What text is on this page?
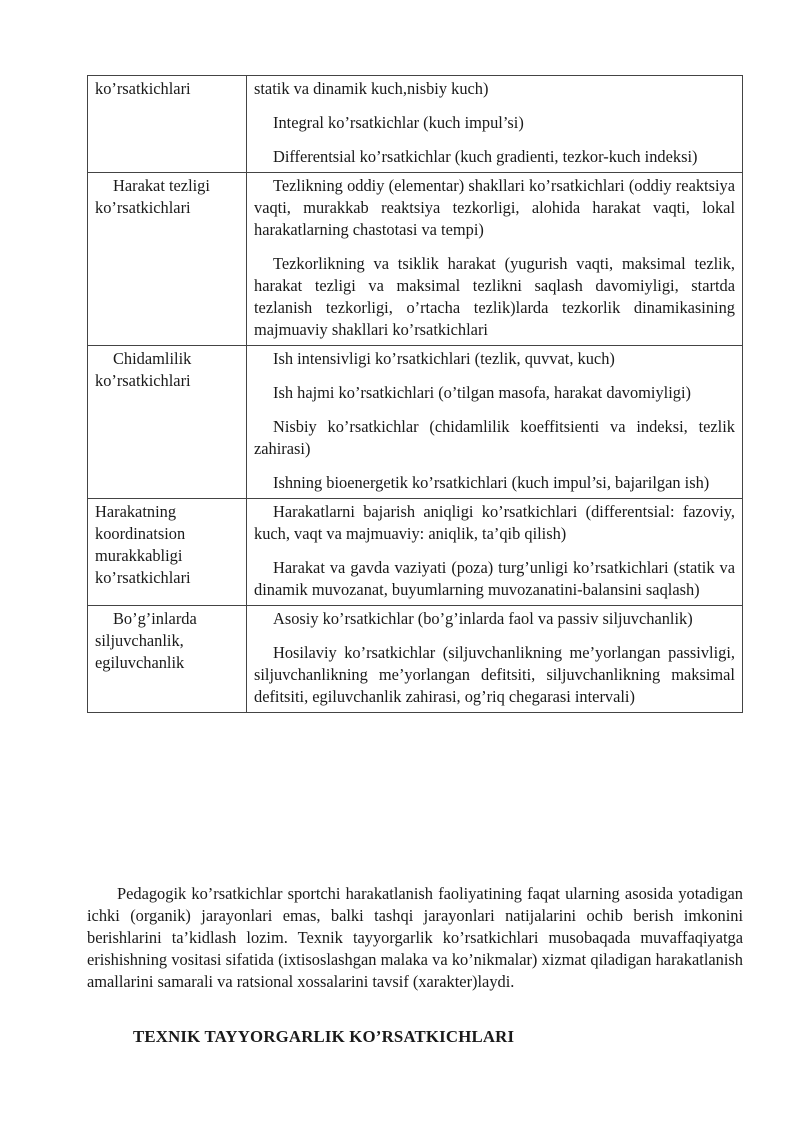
ko’rsatkichlari	statik va dinamik kuch,nisbiy kuch)

Integral ko’rsatkichlar (kuch impul’si)

Differentsial ko’rsatkichlar (kuch gradienti, tezkor-kuch indeksi)

Harakat tezligi ko’rsatkichlari	Tezlikning oddiy (elementar) shakllari ko’rsatkichlari (oddiy reaktsiya vaqti, murakkab reaktsiya tezkorligi, alohida harakat vaqti, lokal harakatlarning chastotasi va tempi)

Tezkorlikning va tsiklik harakat (yugurish vaqti, maksimal tezlik, harakat tezligi va maksimal tezlikni saqlash davomiyligi, startda tezlanish tezkorligi, o’rtacha tezlik)larda tezkorlik dinamikasining majmuaviy shakllari ko’rsatkichlari

Chidamlilik ko’rsatkichlari	Ish intensivligi ko’rsatkichlari (tezlik, quvvat, kuch)

Ish hajmi ko’rsatkichlari (o’tilgan masofa, harakat davomiyligi)

Nisbiy ko’rsatkichlar (chidamlilik koeffitsienti va indeksi, tezlik zahirasi)

Ishning bioenergetik ko’rsatkichlari (kuch impul’si, bajarilgan ish)

Harakatning koordinatsion murakkabligi ko’rsatkichlari	Harakatlarni bajarish aniqligi ko’rsatkichlari (differentsial: fazoviy, kuch, vaqt va majmuaviy: aniqlik, ta’qib qilish)

Harakat va gavda vaziyati (poza) turg’unligi ko’rsatkichlari (statik va dinamik muvozanat, buyumlarning muvozanatini-balansini saqlash)

Bo’g’inlarda siljuvchanlik, egiluvchanlik	Asosiy ko’rsatkichlar (bo’g’inlarda faol va passiv siljuvchanlik)

Hosilaviy ko’rsatkichlar (siljuvchanlikning me’yorlangan passivligi, siljuvchanlikning me’yorlangan defitsiti, siljuvchanlikning maksimal defitsiti, egiluvchanlik zahirasi, og’riq chegarasi intervali)

Pedagogik ko’rsatkichlar sportchi harakatlanish faoliyatining faqat ularning asosida yotadigan ichki (organik) jarayonlari emas, balki tashqi jarayonlari natijalarini ochib berish imkonini berishlarini ta’kidlash lozim. Texnik tayyorgarlik ko’rsatkichlari musobaqada muvaffaqiyatga erishishning vositasi sifatida (ixtisoslashgan malaka va ko’nikmalar) xizmat qiladigan harakatlanish amallarini samarali va ratsional xossalarini tavsif (xarakter)laydi.

TEXNIK TAYYORGARLIK KO’RSATKICHLARI
